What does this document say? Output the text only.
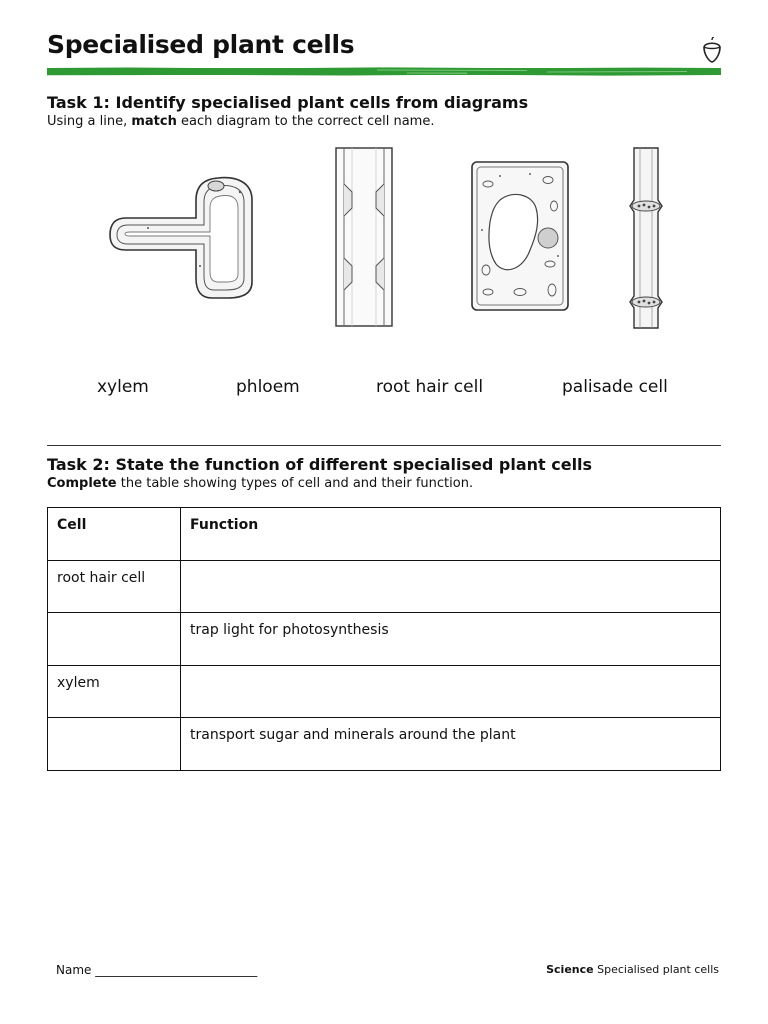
Specialised plant cells
Task 1: Identify specialised plant cells from diagrams
Using a line, match each diagram to the correct cell name.
xylem	phloem	root hair cell	palisade cell
Task 2: State the function of different specialised plant cells
Complete the table showing types of cell and and their function.
Cell	Function
root hair cell	
	trap light for photosynthesis
xylem	
	transport sugar and minerals around the plant
Name ___________________________	Science Specialised plant cells
